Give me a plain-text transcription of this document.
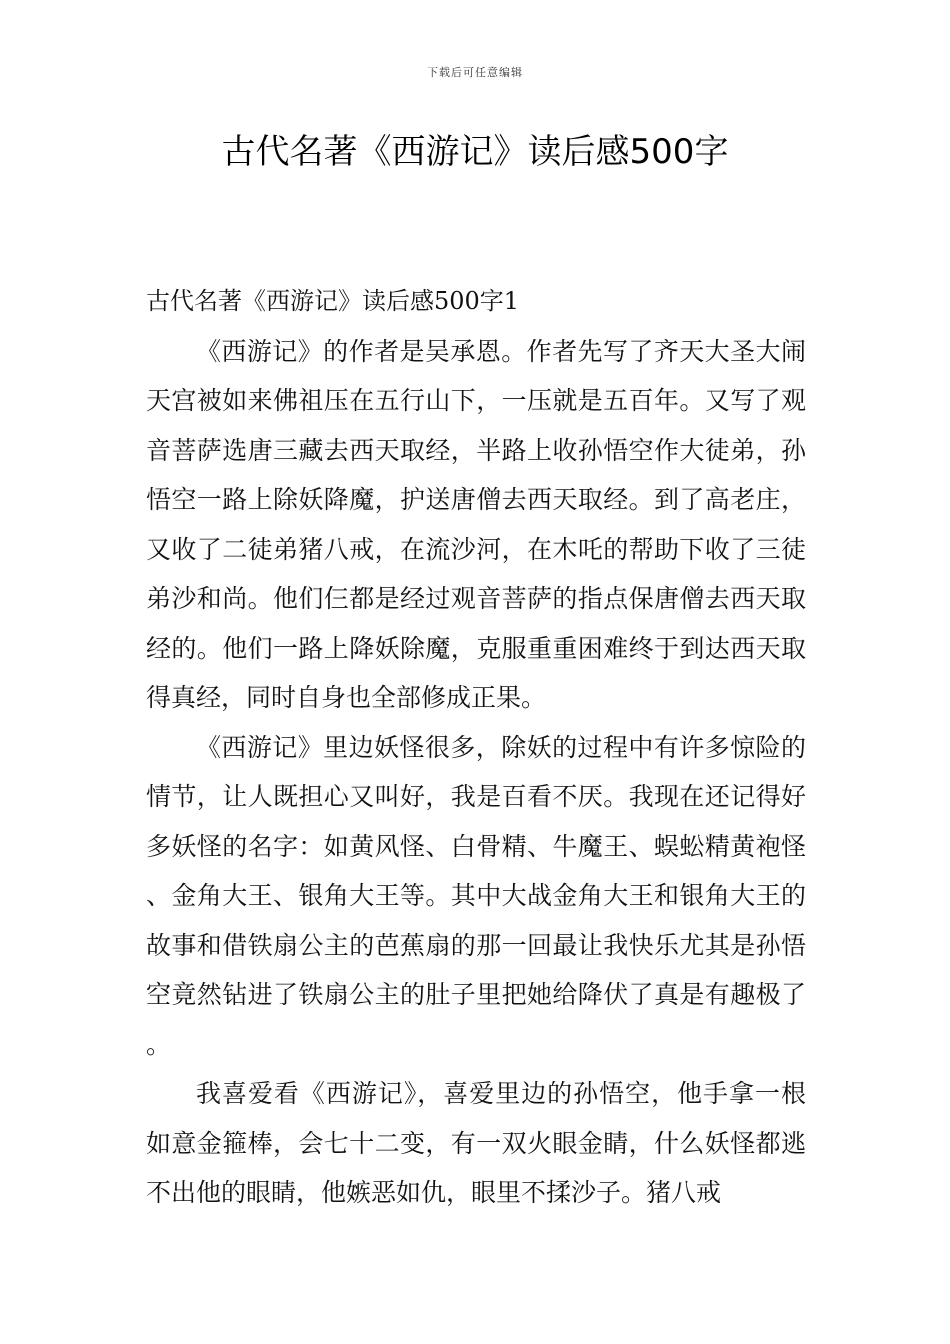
下载后可任意编辑
古代名著《西游记》读后感500字

古代名著《西游记》读后感500字1

《西游记》的作者是吴承恩。作者先写了齐天大圣大闹天宫被如来佛祖压在五行山下，一压就是五百年。又写了观音菩萨选唐三藏去西天取经，半路上收孙悟空作大徒弟，孙悟空一路上除妖降魔，护送唐僧去西天取经。到了高老庄，又收了二徒弟猪八戒，在流沙河，在木吒的帮助下收了三徒弟沙和尚。他们仨都是经过观音菩萨的指点保唐僧去西天取经的。他们一路上降妖除魔，克服重重困难终于到达西天取得真经，同时自身也全部修成正果。

《西游记》里边妖怪很多，除妖的过程中有许多惊险的情节，让人既担心又叫好，我是百看不厌。我现在还记得好多妖怪的名字：如黄风怪、白骨精、牛魔王、蜈蚣精黄袍怪、金角大王、银角大王等。其中大战金角大王和银角大王的故事和借铁扇公主的芭蕉扇的那一回最让我快乐尤其是孙悟空竟然钻进了铁扇公主的肚子里把她给降伏了真是有趣极了。

我喜爱看《西游记》，喜爱里边的孙悟空，他手拿一根如意金箍棒，会七十二变，有一双火眼金睛，什么妖怪都逃不出他的眼睛，他嫉恶如仇，眼里不揉沙子。猪八戒
